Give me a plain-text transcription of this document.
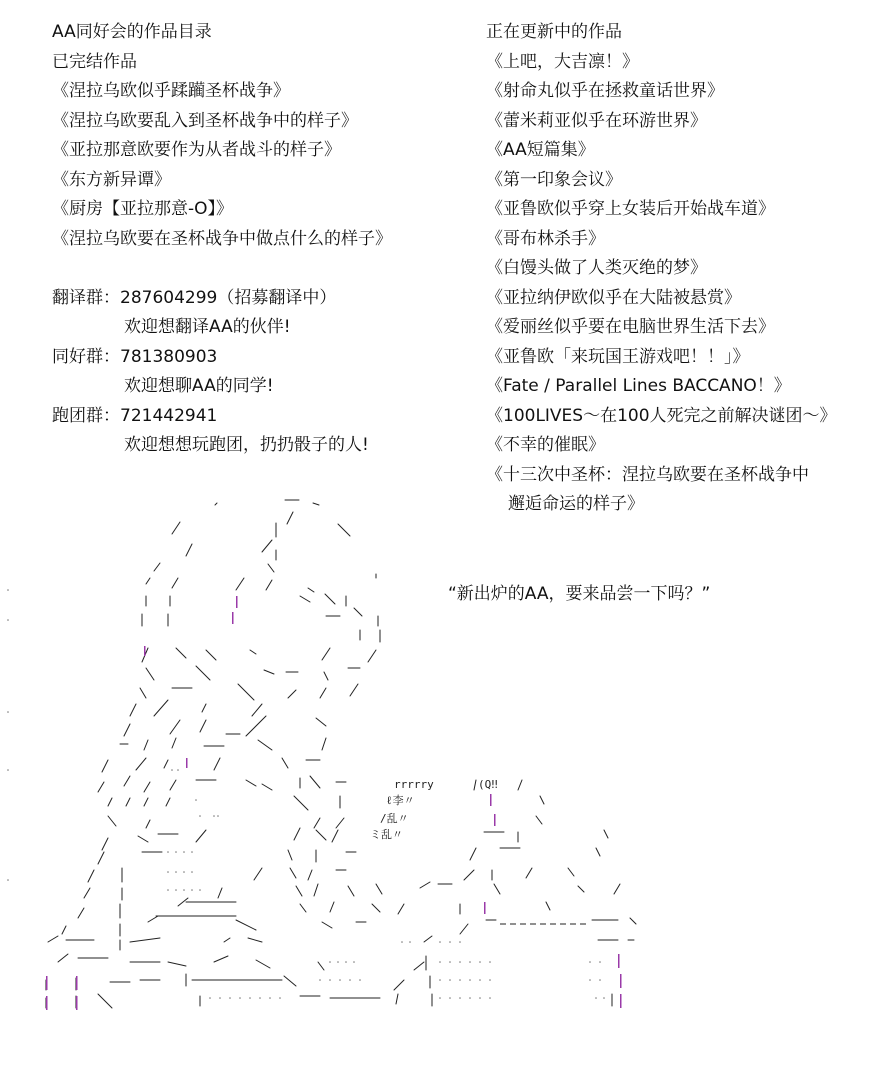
AA同好会的作品目录
已完结作品
《涅拉乌欧似乎蹂躏圣杯战争》
《涅拉乌欧要乱入到圣杯战争中的样子》
《亚拉那意欧要作为从者战斗的样子》
《东方新异谭》
《厨房【亚拉那意-O】》
《涅拉乌欧要在圣杯战争中做点什么的样子》
翻译群：287604299（招募翻译中）
欢迎想翻译AA的伙伴!
同好群：781380903
欢迎想聊AA的同学!
跑团群：721442941
欢迎想想玩跑团，扔扔骰子的人!
正在更新中的作品
《上吧，大吉凛！》
《射命丸似乎在拯救童话世界》
《蕾米莉亚似乎在环游世界》
《AA短篇集》
《第一印象会议》
《亚鲁欧似乎穿上女装后开始战车道》
《哥布林杀手》
《白馒头做了人类灭绝的梦》
《亚拉纳伊欧似乎在大陆被悬赏》
《爱丽丝似乎要在电脑世界生活下去》
《亚鲁欧「来玩国王游戏吧！！」》
《Fate / Parallel Lines BACCANO！》
《100LIVES～在100人死完之前解决谜团～》
《不幸的催眠》
《十三次中圣杯：涅拉乌欧要在圣杯战争中
邂逅命运的样子》
“新出炉的AA，要来品尝一下吗？”
rrrrry	(Q‼
ℓ李〃
/乱〃
ミ乱〃
